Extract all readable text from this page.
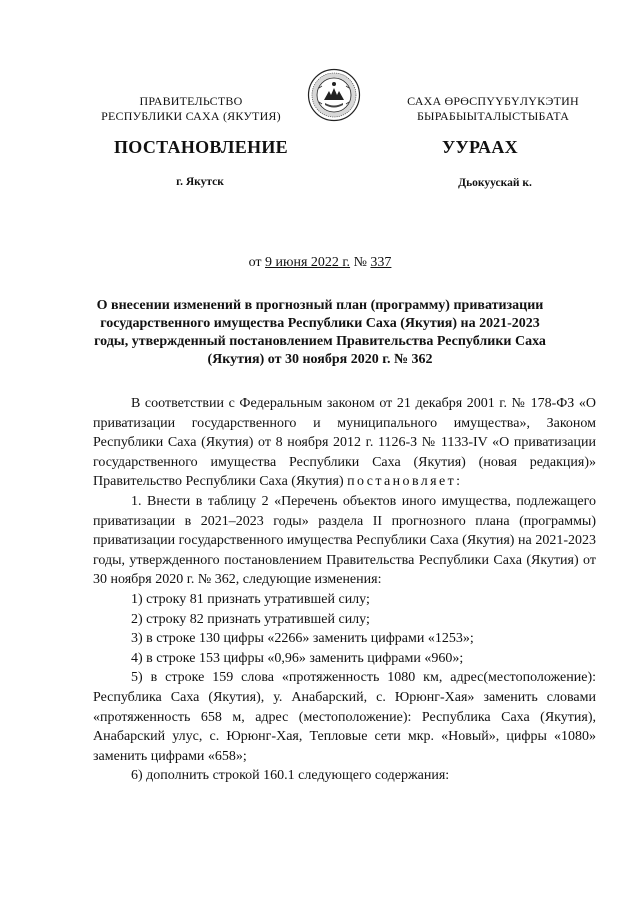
ПРАВИТЕЛЬСТВО
РЕСПУБЛИКИ САХА (ЯКУТИЯ)
САХА ӨРӨСПҮҮБҮЛҮКЭТИН
БЫРАБЫЫТАЛЫСТЫБАТА
ПОСТАНОВЛЕНИЕ	УУРААХ
г. Якутск	Дьокуускай к.
от 9 июня 2022 г. № 337
О внесении изменений в прогнозный план (программу) приватизации государственного имущества Республики Саха (Якутия) на 2021-2023 годы, утвержденный постановлением Правительства Республики Саха (Якутия) от 30 ноября 2020 г. № 362

В соответствии с Федеральным законом от 21 декабря 2001 г. № 178-ФЗ «О приватизации государственного и муниципального имущества», Законом Республики Саха (Якутия) от 8 ноября 2012 г. 1126-З № 1133-IV «О приватизации государственного имущества Республики Саха (Якутия) (новая редакция)» Правительство Республики Саха (Якутия) постановляет:

1. Внести в таблицу 2 «Перечень объектов иного имущества, подлежащего приватизации в 2021–2023 годы» раздела II прогнозного плана (программы) приватизации государственного имущества Республики Саха (Якутия) на 2021-2023 годы, утвержденного постановлением Правительства Республики Саха (Якутия) от 30 ноября 2020 г. № 362, следующие изменения:

1) строку 81 признать утратившей силу;

2) строку 82 признать утратившей силу;

3) в строке 130 цифры «2266» заменить цифрами «1253»;

4) в строке 153 цифры «0,96» заменить цифрами «960»;

5) в строке 159 слова «протяженность 1080 км, адрес(местоположение): Республика Саха (Якутия), у. Анабарский, с. Юрюнг-Хая» заменить словами «протяженность 658 м, адрес (местоположение): Республика Саха (Якутия), Анабарский улус, с. Юрюнг-Хая, Тепловые сети мкр. «Новый», цифры «1080» заменить цифрами «658»;

6) дополнить строкой 160.1 следующего содержания:
